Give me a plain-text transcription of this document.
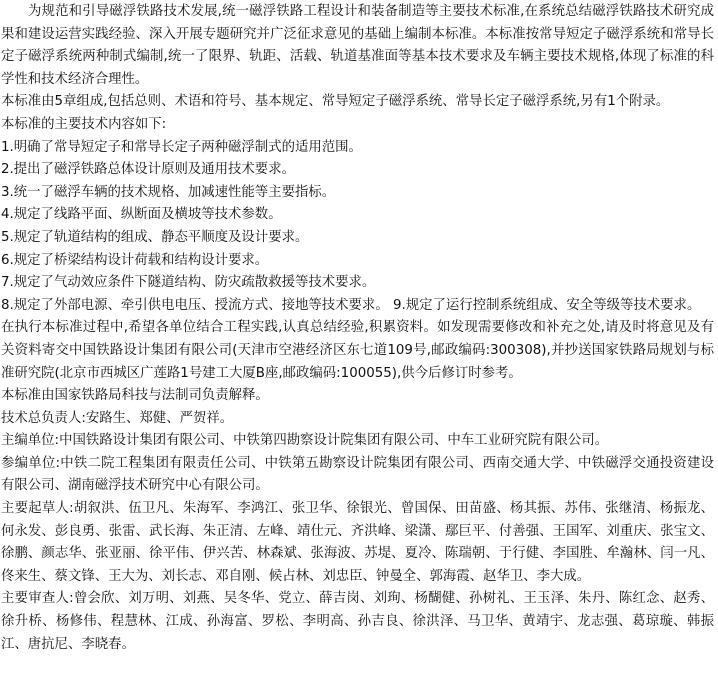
为规范和引导磁浮铁路技术发展,统一磁浮铁路工程设计和装备制造等主要技术标准,在系统总结磁浮铁路技术研究成果和建设运营实践经验、深入开展专题研究并广泛征求意见的基础上编制本标准。本标准按常导短定子磁浮系统和常导长定子磁浮系统两种制式编制,统一了限界、轨距、活载、轨道基准面等基本技术要求及车辆主要技术规格,体现了标准的科学性和技术经济合理性。

本标准由5章组成,包括总则、术语和符号、基本规定、常导短定子磁浮系统、常导长定子磁浮系统,另有1个附录。

本标准的主要技术内容如下:

1.明确了常导短定子和常导长定子两种磁浮制式的适用范围。

2.提出了磁浮铁路总体设计原则及通用技术要求。

3.统一了磁浮车辆的技术规格、加减速性能等主要指标。

4.规定了线路平面、纵断面及横坡等技术参数。

5.规定了轨道结构的组成、静态平顺度及设计要求。

6.规定了桥梁结构设计荷载和结构设计要求。

7.规定了气动效应条件下隧道结构、防灾疏散救援等技术要求。

8.规定了外部电源、牵引供电电压、授流方式、接地等技术要求。 9.规定了运行控制系统组成、安全等级等技术要求。

在执行本标准过程中,希望各单位结合工程实践,认真总结经验,积累资料。如发现需要修改和补充之处,请及时将意见及有关资料寄交中国铁路设计集团有限公司(天津市空港经济区东七道109号,邮政编码:300308),并抄送国家铁路局规划与标准研究院(北京市西城区广莲路1号建工大厦B座,邮政编码:100055),供今后修订时参考。

本标准由国家铁路局科技与法制司负责解释。

技术总负责人:安路生、郑健、严贺祥。

主编单位:中国铁路设计集团有限公司、中铁第四勘察设计院集团有限公司、中车工业研究院有限公司。

参编单位:中铁二院工程集团有限责任公司、中铁第五勘察设计院集团有限公司、西南交通大学、中铁磁浮交通投资建设有限公司、湖南磁浮技术研究中心有限公司。

主要起草人:胡叙洪、伍卫凡、朱海军、李鸿江、张卫华、徐银光、曾国保、田苗盛、杨其振、苏伟、张继清、杨振龙、何永发、彭良勇、张雷、武长海、朱正清、左峰、靖仕元、齐洪峰、梁潇、鄢巨平、付善强、王国军、刘重庆、张宝文、徐鹏、颜志华、张亚丽、徐平伟、伊兴苦、林森斌、张海波、苏堤、夏冷、陈瑞朝、于行健、李国胜、牟瀚林、闫一凡、佟来生、蔡文锋、王大为、刘长志、邓自刚、候占林、刘忠臣、钟曼全、郭海霞、赵华卫、李大成。

主要审查人:曾会欣、刘万明、刘燕、吴冬华、党立、薛吉岗、刘珣、杨醐健、孙树礼、王玉泽、朱丹、陈红念、赵秀、徐升桥、杨修伟、程慧林、江成、孙海富、罗松、李明高、孙吉良、徐洪泽、马卫华、黄靖宇、龙志强、葛琼璇、韩振江、唐抗尼、李晓春。
